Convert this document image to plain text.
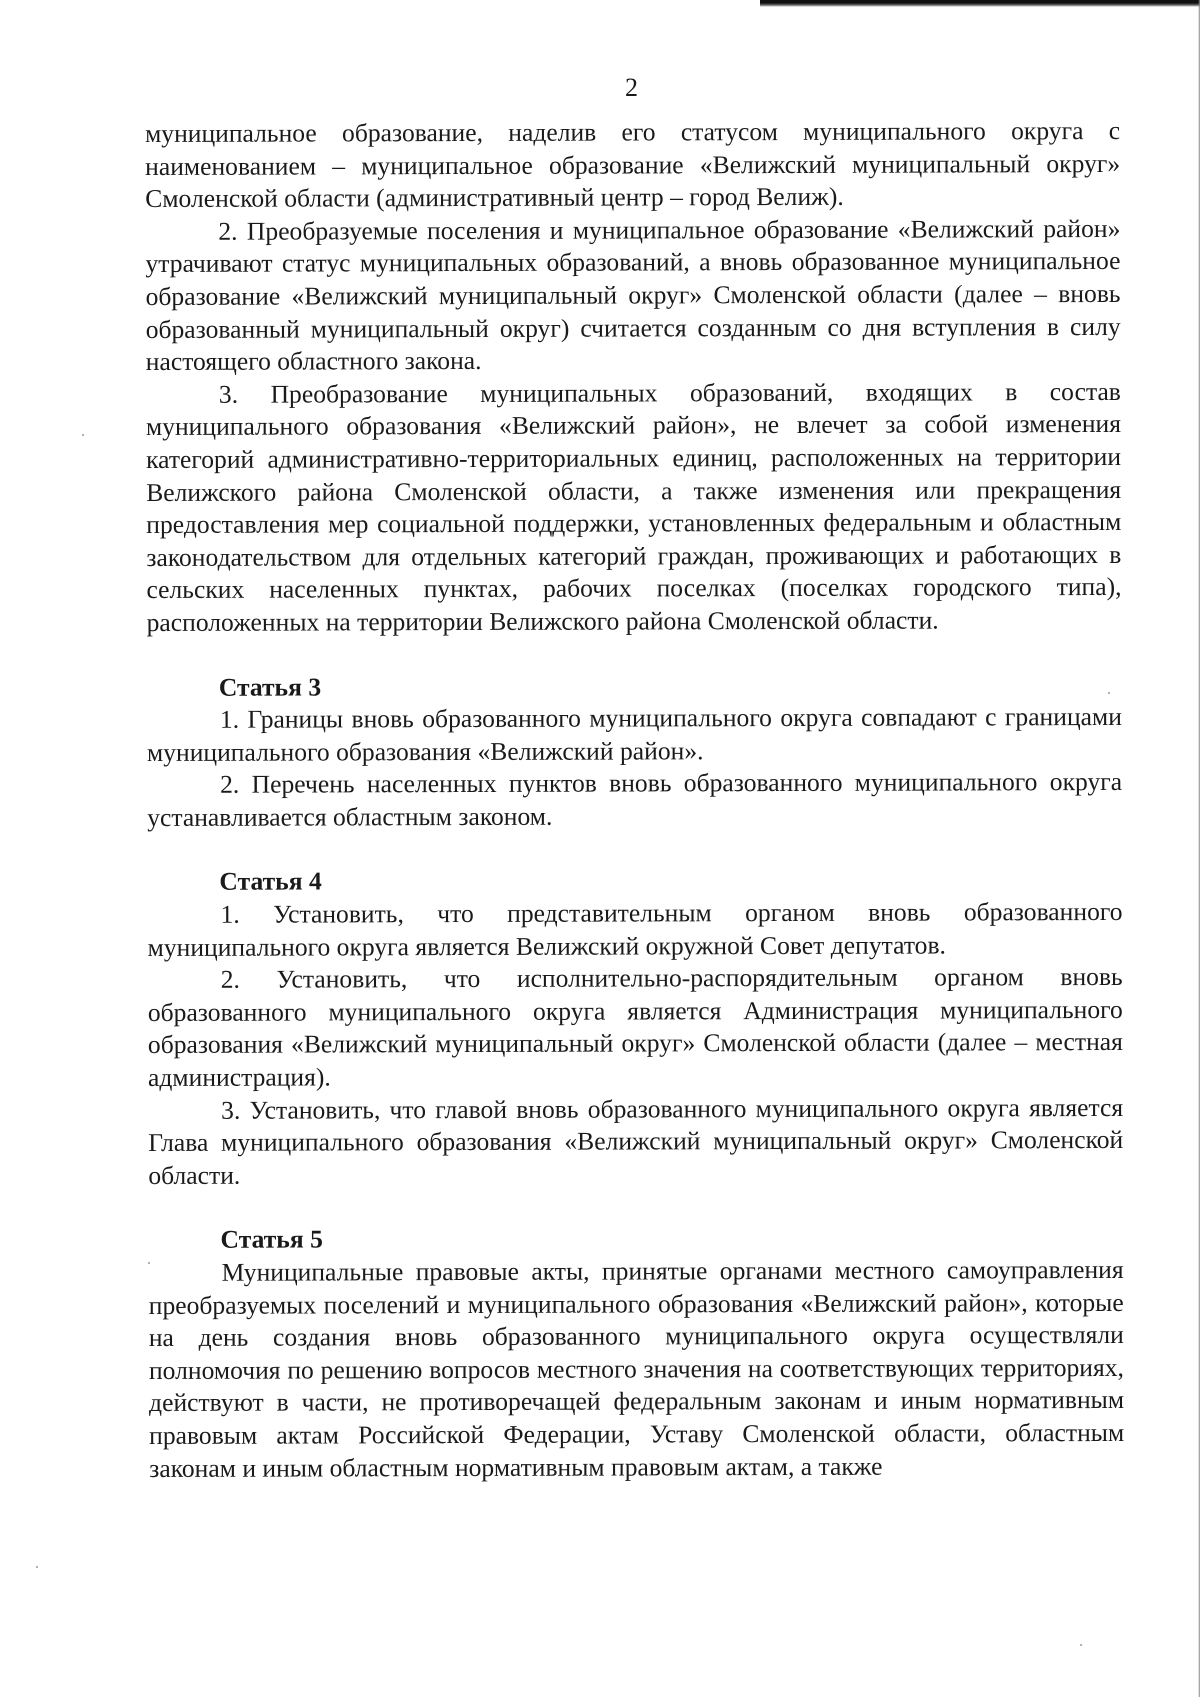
2

муниципальное образование, наделив его статусом муниципального округа с наименованием – муниципальное образование «Велижский муниципальный округ» Смоленской области (административный центр – город Велиж).

2. Преобразуемые поселения и муниципальное образование «Велижский район» утрачивают статус муниципальных образований, а вновь образованное муниципальное образование «Велижский муниципальный округ» Смоленской области (далее – вновь образованный муниципальный округ) считается созданным со дня вступления в силу настоящего областного закона.

3. Преобразование муниципальных образований, входящих в состав муниципального образования «Велижский район», не влечет за собой изменения категорий административно-территориальных единиц, расположенных на территории Велижского района Смоленской области, а также изменения или прекращения предоставления мер социальной поддержки, установленных федеральным и областным законодательством для отдельных категорий граждан, проживающих и работающих в сельских населенных пунктах, рабочих поселках (поселках городского типа), расположенных на территории Велижского района Смоленской области.

Статья 3

1. Границы вновь образованного муниципального округа совпадают с границами муниципального образования «Велижский район».

2. Перечень населенных пунктов вновь образованного муниципального округа устанавливается областным законом.

Статья 4

1. Установить, что представительным органом вновь образованного муниципального округа является Велижский окружной Совет депутатов.

2. Установить, что исполнительно-распорядительным органом вновь образованного муниципального округа является Администрация муниципального образования «Велижский муниципальный округ» Смоленской области (далее – местная администрация).

3. Установить, что главой вновь образованного муниципального округа является Глава муниципального образования «Велижский муниципальный округ» Смоленской области.

Статья 5

Муниципальные правовые акты, принятые органами местного самоуправления преобразуемых поселений и муниципального образования «Велижский район», которые на день создания вновь образованного муниципального округа осуществляли полномочия по решению вопросов местного значения на соответствующих территориях, действуют в части, не противоречащей федеральным законам и иным нормативным правовым актам Российской Федерации, Уставу Смоленской области, областным законам и иным областным нормативным правовым актам, а также
